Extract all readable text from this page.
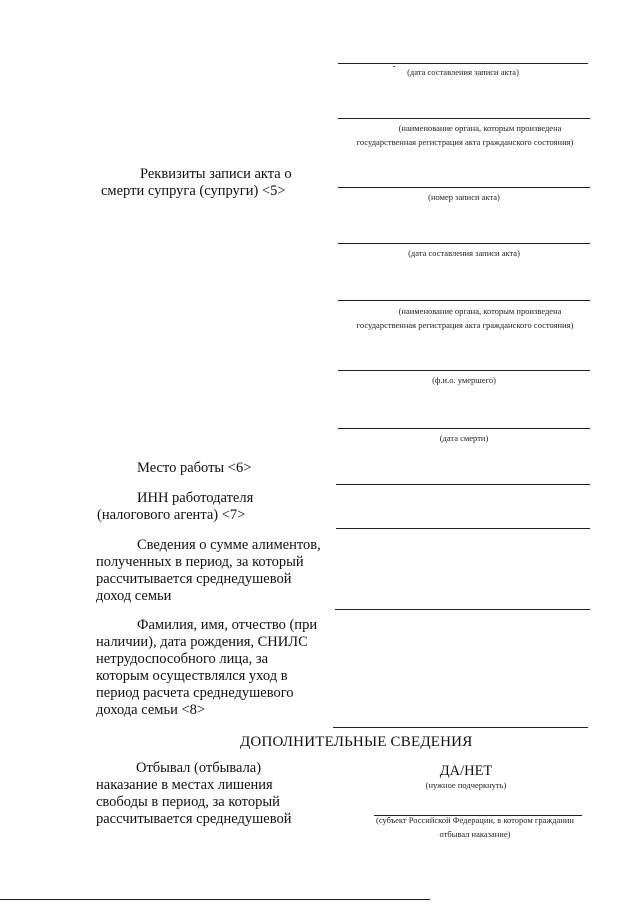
(дата составления записи акта)
(наименование органа, которым произведена
государственная регистрация акта гражданского состояния)
Реквизиты записи акта о
смерти супруга (супруги) <5>	(номер записи акта)
(дата составления записи акта)
(наименование органа, которым произведена
государственная регистрация акта гражданского состояния)
(ф.и.о. умершего)
(дата смерти)
Место работы <6>
ИНН работодателя
(налогового агента) <7>
Сведения о сумме алиментов,
полученных в период, за который
рассчитывается среднедушевой
доход семьи
Фамилия, имя, отчество (при
наличии), дата рождения, СНИЛС
нетрудоспособного лица, за
которым осуществлялся уход в
период расчета среднедушевого
дохода семьи <8>
ДОПОЛНИТЕЛЬНЫЕ СВЕДЕНИЯ
Отбывал (отбывала)
наказание в местах лишения
свободы в период, за который
рассчитывается среднедушевой
ДА/НЕТ
(нужное подчеркнуть)
(субъект Российской Федерации, в котором гражданин
отбывал наказание)
